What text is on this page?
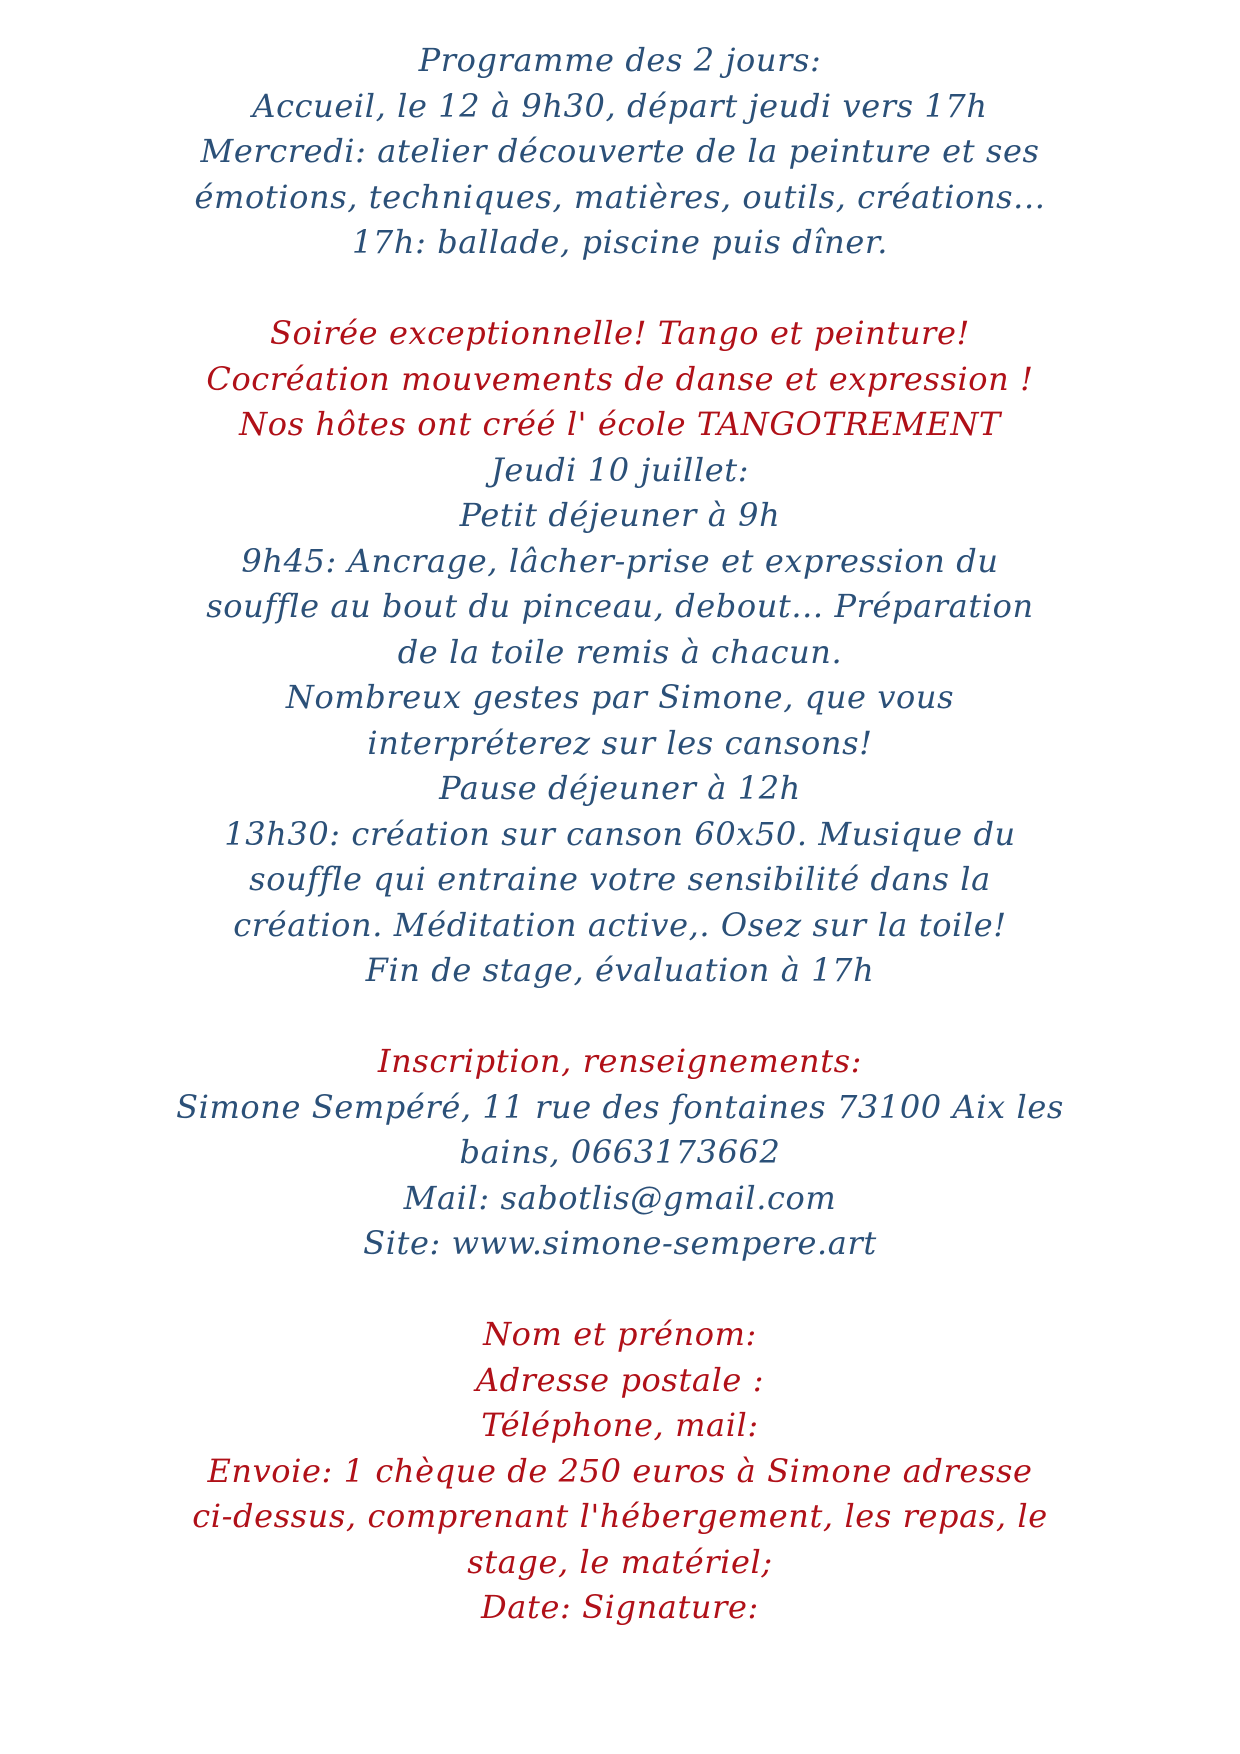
Programme des 2 jours:
Accueil, le 12 à 9h30, départ jeudi vers 17h
Mercredi: atelier découverte de la peinture et ses
émotions, techniques, matières, outils, créations...
17h: ballade, piscine puis dîner.
Soirée exceptionnelle! Tango et peinture!
Cocréation mouvements de danse et expression !
Nos hôtes ont créé l' école TANGOTREMENT
Jeudi 10 juillet:
Petit déjeuner à 9h
9h45: Ancrage, lâcher-prise et expression du
souffle au bout du pinceau, debout... Préparation
de la toile remis à chacun.
Nombreux gestes par Simone, que vous
interpréterez sur les cansons!
Pause déjeuner à 12h
13h30: création sur canson 60x50. Musique du
souffle qui entraine votre sensibilité dans la
création. Méditation active,. Osez sur la toile!
Fin de stage, évaluation à 17h
Inscription, renseignements:
Simone Sempéré, 11 rue des fontaines 73100 Aix les
bains, 0663173662
Mail: sabotlis@gmail.com
Site: www.simone-sempere.art
Nom et prénom:
Adresse postale :
Téléphone, mail:
Envoie: 1 chèque de 250 euros à Simone adresse
ci-dessus, comprenant l'hébergement, les repas, le
stage, le matériel;
Date: Signature:
